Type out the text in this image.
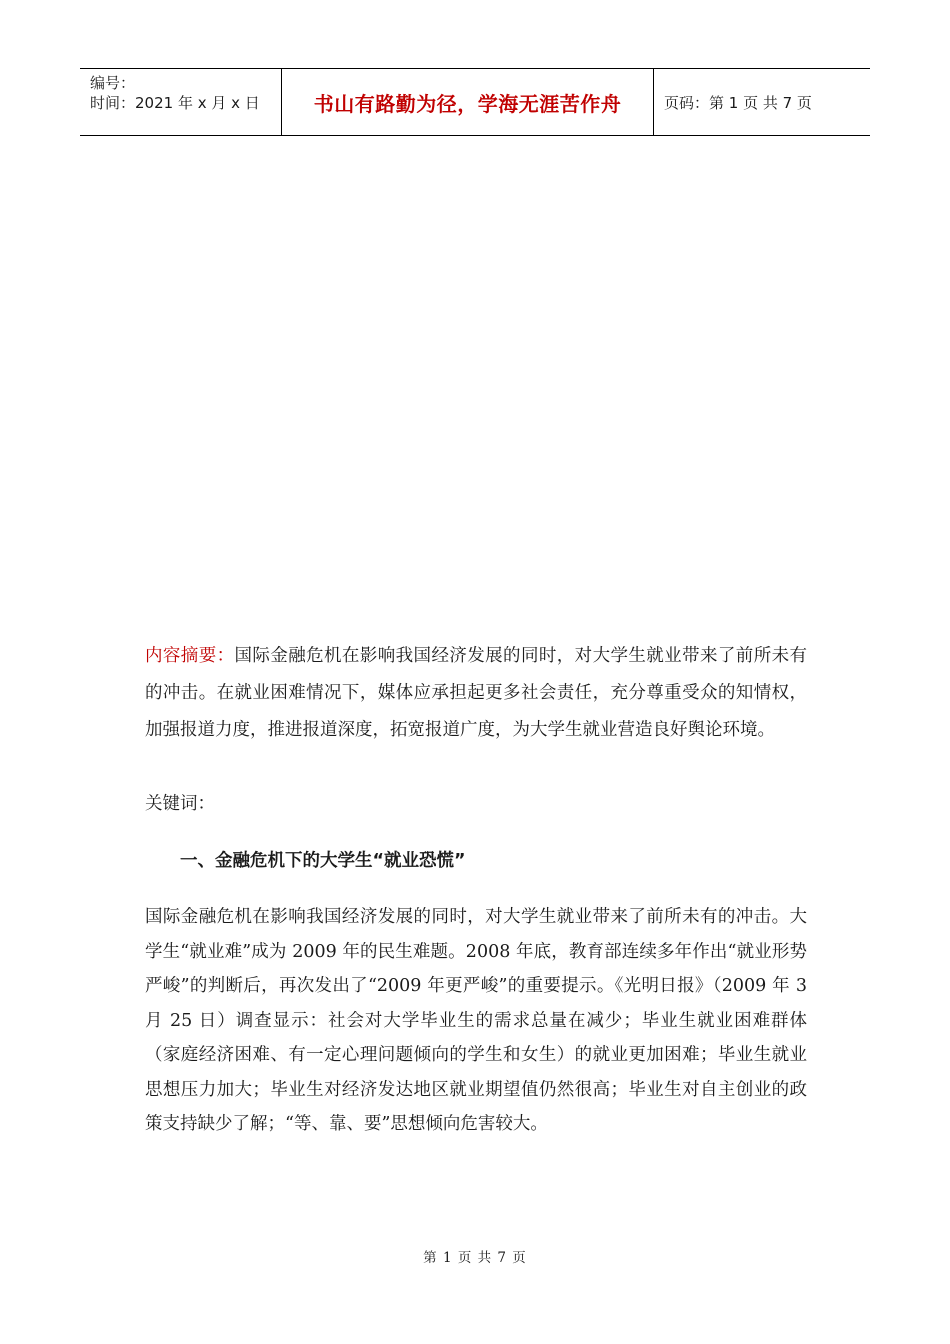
编号：
时间：2021 年 x 月 x 日	书山有路勤为径，学海无涯苦作舟	页码：第 1 页 共 7 页
内容摘要：国际金融危机在影响我国经济发展的同时，对大学生就业带来了前所未有的冲击。在就业困难情况下，媒体应承担起更多社会责任，充分尊重受众的知情权，加强报道力度，推进报道深度，拓宽报道广度，为大学生就业营造良好舆论环境。
关键词：
一、金融危机下的大学生“就业恐慌”
国际金融危机在影响我国经济发展的同时，对大学生就业带来了前所未有的冲击。大学生“就业难”成为 2009 年的民生难题。2008 年底，教育部连续多年作出“就业形势严峻”的判断后，再次发出了“2009 年更严峻”的重要提示。《光明日报》（2009 年 3 月 25 日）调查显示：社会对大学毕业生的需求总量在减少；毕业生就业困难群体（家庭经济困难、有一定心理问题倾向的学生和女生）的就业更加困难；毕业生就业思想压力加大；毕业生对经济发达地区就业期望值仍然很高；毕业生对自主创业的政策支持缺少了解；“等、靠、要”思想倾向危害较大。
第 1 页 共 7 页
